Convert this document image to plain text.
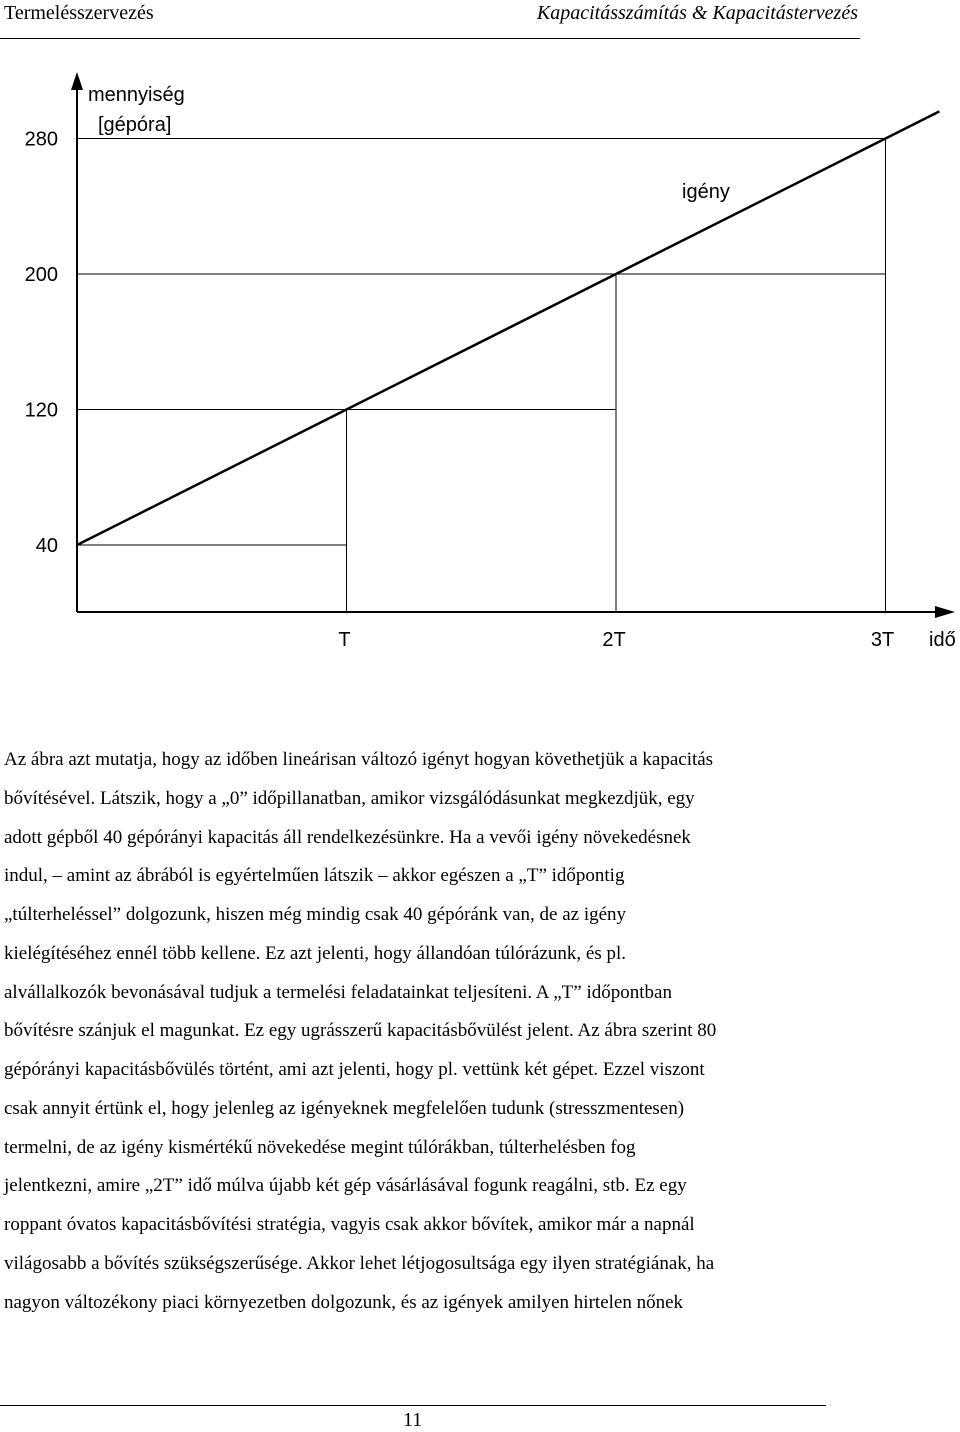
Termelésszervezés	Kapacitásszámítás & Kapacitástervezés
280
200
120
40
T	2T	3T idő
mennyiség
[gépóra]
igény

Az ábra azt mutatja, hogy az időben lineárisan változó igényt hogyan követhetjük a kapacitás

bővítésével. Látszik, hogy a „0” időpillanatban, amikor vizsgálódásunkat megkezdjük, egy

adott gépből 40 gépórányi kapacitás áll rendelkezésünkre. Ha a vevői igény növekedésnek

indul, – amint az ábrából is egyértelműen látszik – akkor egészen a „T” időpontig

„túlterheléssel” dolgozunk, hiszen még mindig csak 40 gépóránk van, de az igény

kielégítéséhez ennél több kellene. Ez azt jelenti, hogy állandóan túlórázunk, és pl.

alvállalkozók bevonásával tudjuk a termelési feladatainkat teljesíteni. A „T” időpontban

bővítésre szánjuk el magunkat. Ez egy ugrásszerű kapacitásbővülést jelent. Az ábra szerint 80

gépórányi kapacitásbővülés történt, ami azt jelenti, hogy pl. vettünk két gépet. Ezzel viszont

csak annyit értünk el, hogy jelenleg az igényeknek megfelelően tudunk (stresszmentesen)

termelni, de az igény kismértékű növekedése megint túlórákban, túlterhelésben fog

jelentkezni, amire „2T” idő múlva újabb két gép vásárlásával fogunk reagálni, stb. Ez egy

roppant óvatos kapacitásbővítési stratégia, vagyis csak akkor bővítek, amikor már a napnál

világosabb a bővítés szükségszerűsége. Akkor lehet létjogosultsága egy ilyen stratégiának, ha

nagyon változékony piaci környezetben dolgozunk, és az igények amilyen hirtelen nőnek

11
